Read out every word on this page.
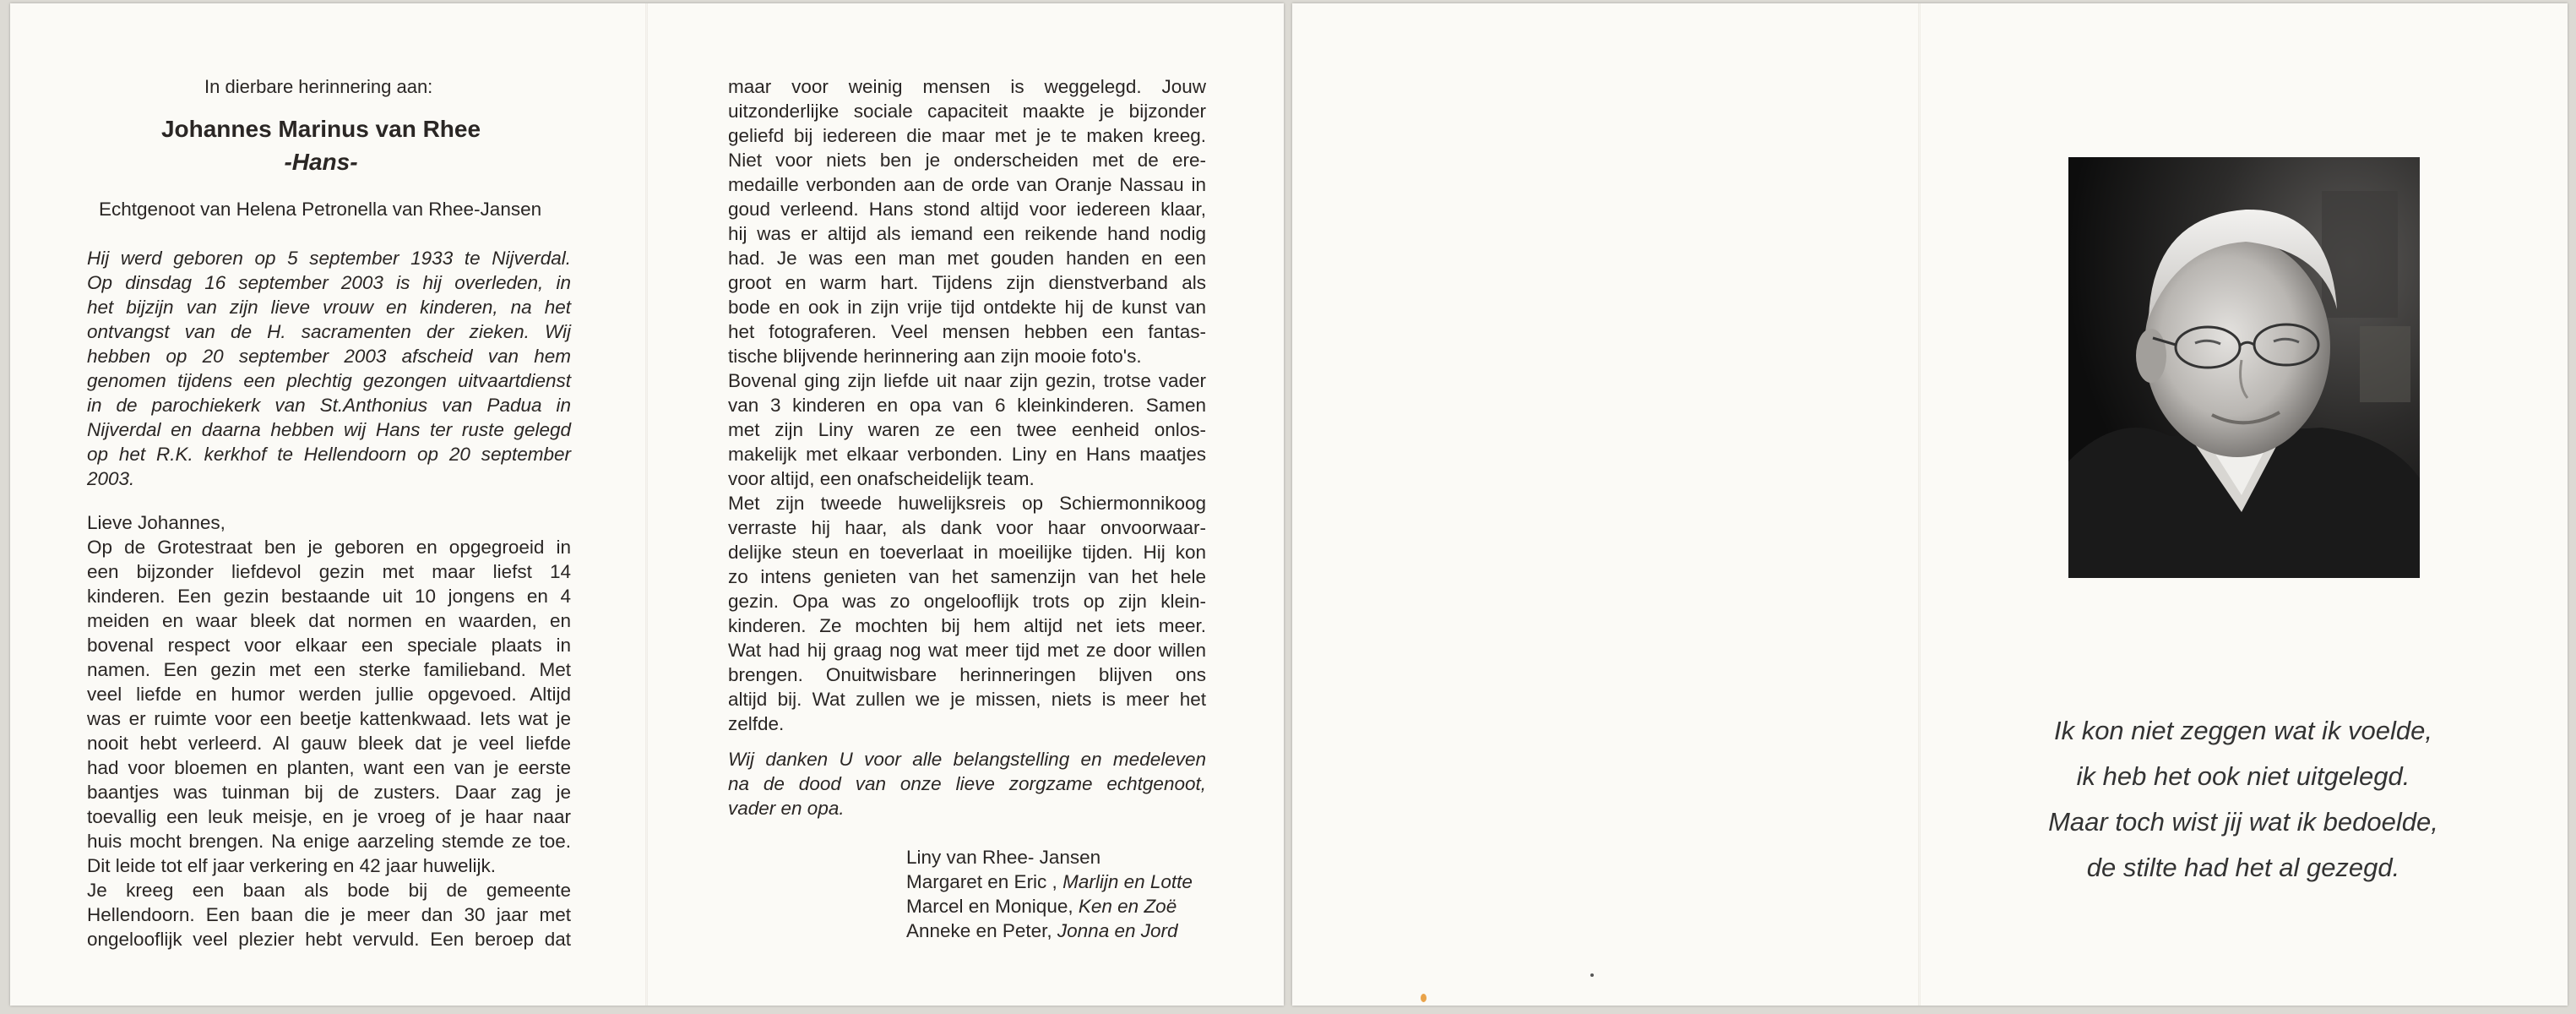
In dierbare herinnering aan:
Johannes Marinus van Rhee
-Hans-
Echtgenoot van Helena Petronella van Rhee-Jansen
Hij werd geboren op 5 september 1933 te Nijverdal.
Op dinsdag 16 september 2003 is hij overleden, in
het bijzijn van zijn lieve vrouw en kinderen, na het
ontvangst van de H. sacramenten der zieken. Wij
hebben op 20 september 2003 afscheid van hem
genomen tijdens een plechtig gezongen uitvaartdienst
in de parochiekerk van St.Anthonius van Padua in
Nijverdal en daarna hebben wij Hans ter ruste gelegd
op het R.K. kerkhof te Hellendoorn op 20 september
2003.
Lieve Johannes,
Op de Grotestraat ben je geboren en opgegroeid in
een bijzonder liefdevol gezin met maar liefst 14
kinderen. Een gezin bestaande uit 10 jongens en 4
meiden en waar bleek dat normen en waarden, en
bovenal respect voor elkaar een speciale plaats in
namen. Een gezin met een sterke familieband. Met
veel liefde en humor werden jullie opgevoed. Altijd
was er ruimte voor een beetje kattenkwaad. Iets wat je
nooit hebt verleerd. Al gauw bleek dat je veel liefde
had voor bloemen en planten, want een van je eerste
baantjes was tuinman bij de zusters. Daar zag je
toevallig een leuk meisje, en je vroeg of je haar naar
huis mocht brengen. Na enige aarzeling stemde ze toe.
Dit leide tot elf jaar verkering en 42 jaar huwelijk.
Je kreeg een baan als bode bij de gemeente
Hellendoorn. Een baan die je meer dan 30 jaar met
ongelooflijk veel plezier hebt vervuld. Een beroep dat
maar voor weinig mensen is weggelegd. Jouw
uitzonderlijke sociale capaciteit maakte je bijzonder
geliefd bij iedereen die maar met je te maken kreeg.
Niet voor niets ben je onderscheiden met de ere-
medaille verbonden aan de orde van Oranje Nassau in
goud verleend. Hans stond altijd voor iedereen klaar,
hij was er altijd als iemand een reikende hand nodig
had. Je was een man met gouden handen en een
groot en warm hart. Tijdens zijn dienstverband als
bode en ook in zijn vrije tijd ontdekte hij de kunst van
het fotograferen. Veel mensen hebben een fantas-
tische blijvende herinnering aan zijn mooie foto's.
Bovenal ging zijn liefde uit naar zijn gezin, trotse vader
van 3 kinderen en opa van 6 kleinkinderen. Samen
met zijn Liny waren ze een twee eenheid onlos-
makelijk met elkaar verbonden. Liny en Hans maatjes
voor altijd, een onafscheidelijk team.
Met zijn tweede huwelijksreis op Schiermonnikoog
verraste hij haar, als dank voor haar onvoorwaar-
delijke steun en toeverlaat in moeilijke tijden. Hij kon
zo intens genieten van het samenzijn van het hele
gezin. Opa was zo ongelooflijk trots op zijn klein-
kinderen. Ze mochten bij hem altijd net iets meer.
Wat had hij graag nog wat meer tijd met ze door willen
brengen. Onuitwisbare herinneringen blijven ons
altijd bij. Wat zullen we je missen, niets is meer het
zelfde.
Wij danken U voor alle belangstelling en medeleven
na de dood van onze lieve zorgzame echtgenoot,
vader en opa.
Liny van Rhee- Jansen
Margaret en Eric , Marlijn en Lotte
Marcel en Monique, Ken en Zoë
Anneke en Peter, Jonna en Jord
Ik kon niet zeggen wat ik voelde,
ik heb het ook niet uitgelegd.
Maar toch wist jij wat ik bedoelde,
de stilte had het al gezegd.
